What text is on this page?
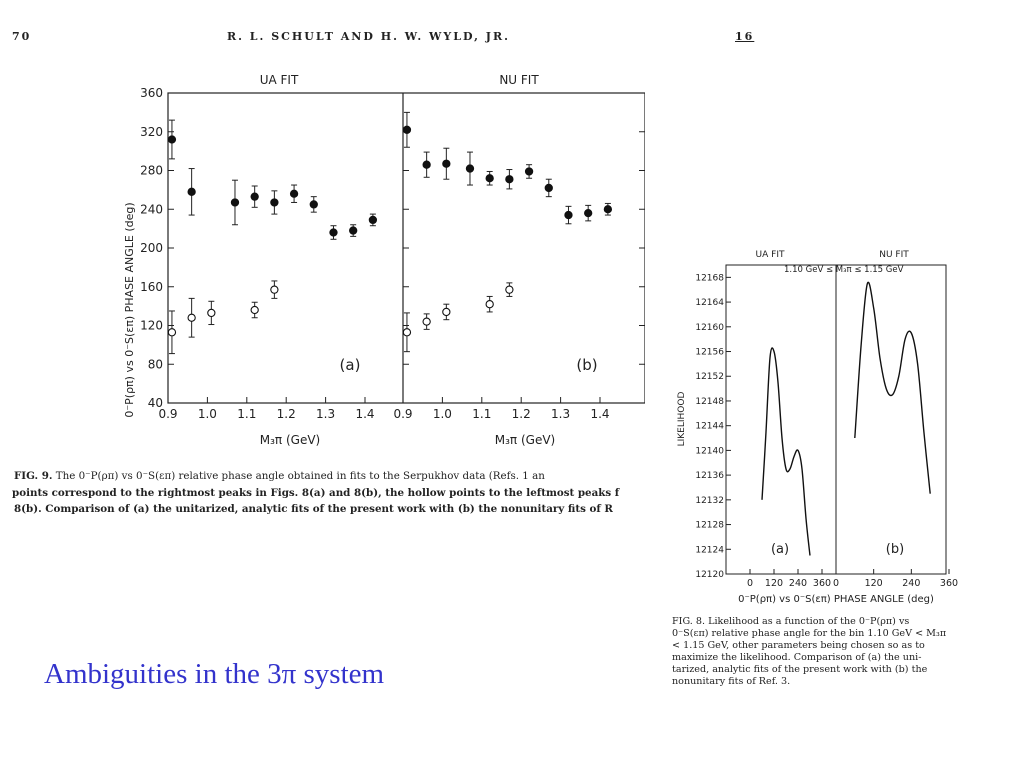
70	R. L. SCHULT AND H. W. WYLD, JR.	16
UA FIT	NU FIT
40
80
120
160
200
240
280
320
360
0.9 1.0 1.1 1.2 1.3 1.4 0.9 1.0 1.1 1.2 1.3 1.4
(a)	(b)
0⁻P(ρπ) vs 0⁻S(επ) PHASE ANGLE (deg)
M₃π (GeV)	M₃π (GeV)
FIG. 9. The 0⁻P(ρπ) vs 0⁻S(επ) relative phase angle obtained in fits to the Serpukhov data (Refs. 1 an
points correspond to the rightmost peaks in Figs. 8(a) and 8(b), the hollow points to the leftmost peaks f
8(b). Comparison of (a) the unitarized, analytic fits of the present work with (b) the nonunitary fits of R
UA FIT	NU FIT
1.10 GeV ≤ M₃π ≤ 1.15 GeV
12120
12124
12128
12132
12136
12140
12144
12148
12152
12156
12160
12164
12168
0 120 240 360 0	120 240 360
(a)	(b)
LIKELIHOOD
0⁻P(ρπ) vs 0⁻S(επ) PHASE ANGLE (deg)
FIG. 8. Likelihood as a function of the 0⁻P(ρπ) vs
0⁻S(επ) relative phase angle for the bin 1.10 GeV < M₃π
< 1.15 GeV, other parameters being chosen so as to
maximize the likelihood. Comparison of (a) the uni-
tarized, analytic fits of the present work with (b) the
nonunitary fits of Ref. 3.
Ambiguities in the 3π system
